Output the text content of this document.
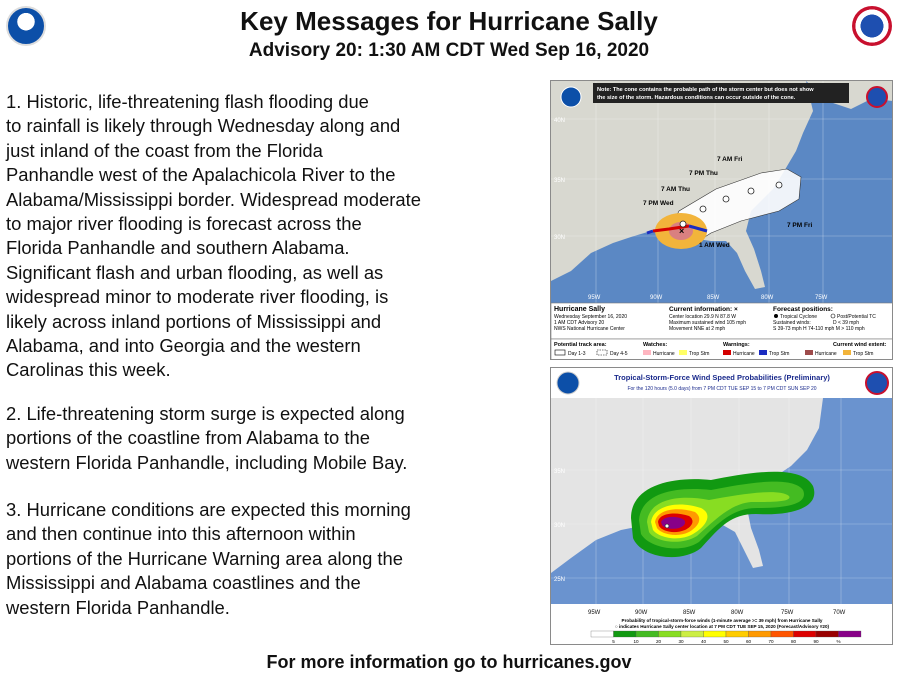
Key Messages for Hurricane Sally
Advisory 20: 1:30 AM CDT Wed Sep 16, 2020
1. Historic, life-threatening flash flooding due
to rainfall is likely through Wednesday along and
just inland of the coast from the Florida
Panhandle west of the Apalachicola River to the
Alabama/Mississippi border. Widespread moderate
to major river flooding is forecast across the
Florida Panhandle and southern Alabama.
Significant flash and urban flooding, as well as
widespread minor to moderate river flooding, is
likely across inland portions of Mississippi and
Alabama, and into Georgia and the western
Carolinas this week.
2. Life-threatening storm surge is expected along
portions of the coastline from Alabama to the
western Florida Panhandle, including Mobile Bay.
3. Hurricane conditions are expected this morning
and then continue into this afternoon within
portions of the Hurricane Warning area along the
Mississippi and Alabama coastlines and the
western Florida Panhandle.
Note: The cone contains the probable path of the storm center but does not show
the size of the storm. Hazardous conditions can occur outside of the cone.
×
40N
35N
30N
95W	90W	85W	80W	75W
7 AM Fri
7 PM Thu
7 AM Thu
7 PM Wed
1 AM Wed
7 PM Fri
Hurricane Sally
Wednesday September 16, 2020
1 AM CDT Advisory 20
NWS National Hurricane Center
Current information: ×
Center location 29.9 N 87.8 W
Maximum sustained wind 105 mph
Movement NNE at 2 mph
Forecast positions:
Tropical Cyclone	Post/Potential TC
Sustained winds:	D < 39 mph
S 39-73 mph H 74-110 mph M > 110 mph
Potential track area:
Day 1-3	Day 4-5
Watches:
Hurricane	Trop Stm
Warnings:
Hurricane	Trop Stm
Current wind extent:
Hurricane	Trop Stm
Tropical-Storm-Force Wind Speed Probabilities (Preliminary)
For the 120 hours (5.0 days) from 7 PM CDT TUE SEP 15 to 7 PM CDT SUN SEP 20
35N
30N
25N
95W	90W	85W	80W	75W	70W
Probability of tropical-storm-force winds (1-minute average >= 39 mph) from Hurricane Sally
○ indicates Hurricane Sally center location at 7 PM CDT TUE SEP 15, 2020 (Forecast/Advisory #20)
5	10	20	30	40	50	60	70	80	90	%
For more information go to hurricanes.gov
